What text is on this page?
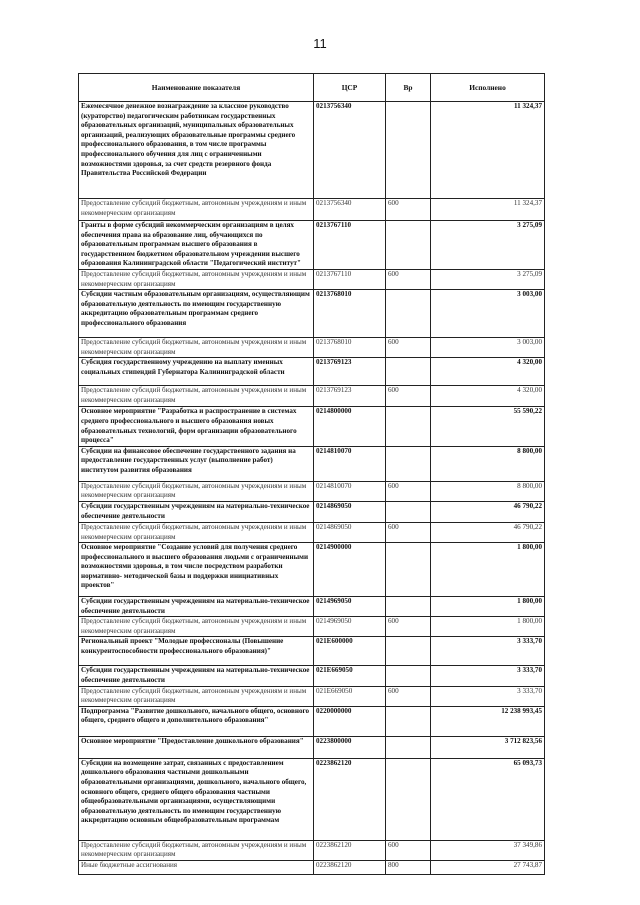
11
Наименование показателя	ЦСР	Вр	Исполнено
Ежемесячное денежное вознаграждение за классное руководство (кураторство) педагогическим работникам государственных образовательных организаций, муниципальных образовательных организаций, реализующих образовательные программы среднего профессионального образования, в том числе программы профессионального обучения для лиц с ограниченными возможностями здоровья, за счет средств резервного фонда Правительства Российской Федерации	0213756340		11 324,37
Предоставление субсидий бюджетным, автономным учреждениям и иным некоммерческим организациям	0213756340	600	11 324,37
Гранты в форме субсидий некоммерческим организациям в целях обеспечения права на образование лиц, обучающихся по образовательным программам высшего образования в государственном бюджетном образовательном учреждении высшего образования Калининградской области "Педагогический институт"	0213767110		3 275,09
Предоставление субсидий бюджетным, автономным учреждениям и иным некоммерческим организациям	0213767110	600	3 275,09
Субсидии частным образовательным организациям, осуществляющим образовательную деятельность по имеющим государственную аккредитацию образовательным программам среднего профессионального образования	0213768010		3 003,00
Предоставление субсидий бюджетным, автономным учреждениям и иным некоммерческим организациям	0213768010	600	3 003,00
Субсидия государственному учреждению на выплату именных социальных стипендий Губернатора Калининградской области	0213769123		4 320,00
Предоставление субсидий бюджетным, автономным учреждениям и иным некоммерческим организациям	0213769123	600	4 320,00
Основное мероприятие "Разработка и распространение в системах среднего профессионального и высшего образования новых образовательных технологий, форм организации образовательного процесса"	0214800000		55 590,22
Субсидии на финансовое обеспечение государственного задания на предоставление государственных услуг (выполнение работ) институтом развития образования	0214810070		8 800,00
Предоставление субсидий бюджетным, автономным учреждениям и иным некоммерческим организациям	0214810070	600	8 800,00
Субсидии государственным учреждениям на материально-техническое обеспечение деятельности	0214869050		46 790,22
Предоставление субсидий бюджетным, автономным учреждениям и иным некоммерческим организациям	0214869050	600	46 790,22
Основное мероприятие "Создание условий для получения среднего профессионального и высшего образования людьми с ограниченными возможностями здоровья, в том числе посредством разработки нормативно- методической базы и поддержки инициативных проектов"	0214900000		1 800,00
Субсидии государственным учреждениям на материально-техническое обеспечение деятельности	0214969050		1 800,00
Предоставление субсидий бюджетным, автономным учреждениям и иным некоммерческим организациям	0214969050	600	1 800,00
Региональный проект "Молодые профессионалы (Повышение конкурентоспособности профессионального образования)"	021E600000		3 333,70
Субсидии государственным учреждениям на материально-техническое обеспечение деятельности	021E669050		3 333,70
Предоставление субсидий бюджетным, автономным учреждениям и иным некоммерческим организациям	021E669050	600	3 333,70
Подпрограмма "Развитие дошкольного, начального общего, основного общего, среднего общего и дополнительного образования"	0220000000		12 238 993,45
Основное мероприятие "Предоставление дошкольного образования"	0223800000		3 712 823,56
Субсидии на возмещение затрат, связанных с предоставлением дошкольного образования частными дошкольными образовательными организациями, дошкольного, начального общего, основного общего, среднего общего образования частными общеобразовательными организациями, осуществляющими образовательную деятельность по имеющим государственную аккредитацию основным общеобразовательным программам	0223862120		65 093,73
Предоставление субсидий бюджетным, автономным учреждениям и иным некоммерческим организациям	0223862120	600	37 349,86
Иные бюджетные ассигнования	0223862120	800	27 743,87
